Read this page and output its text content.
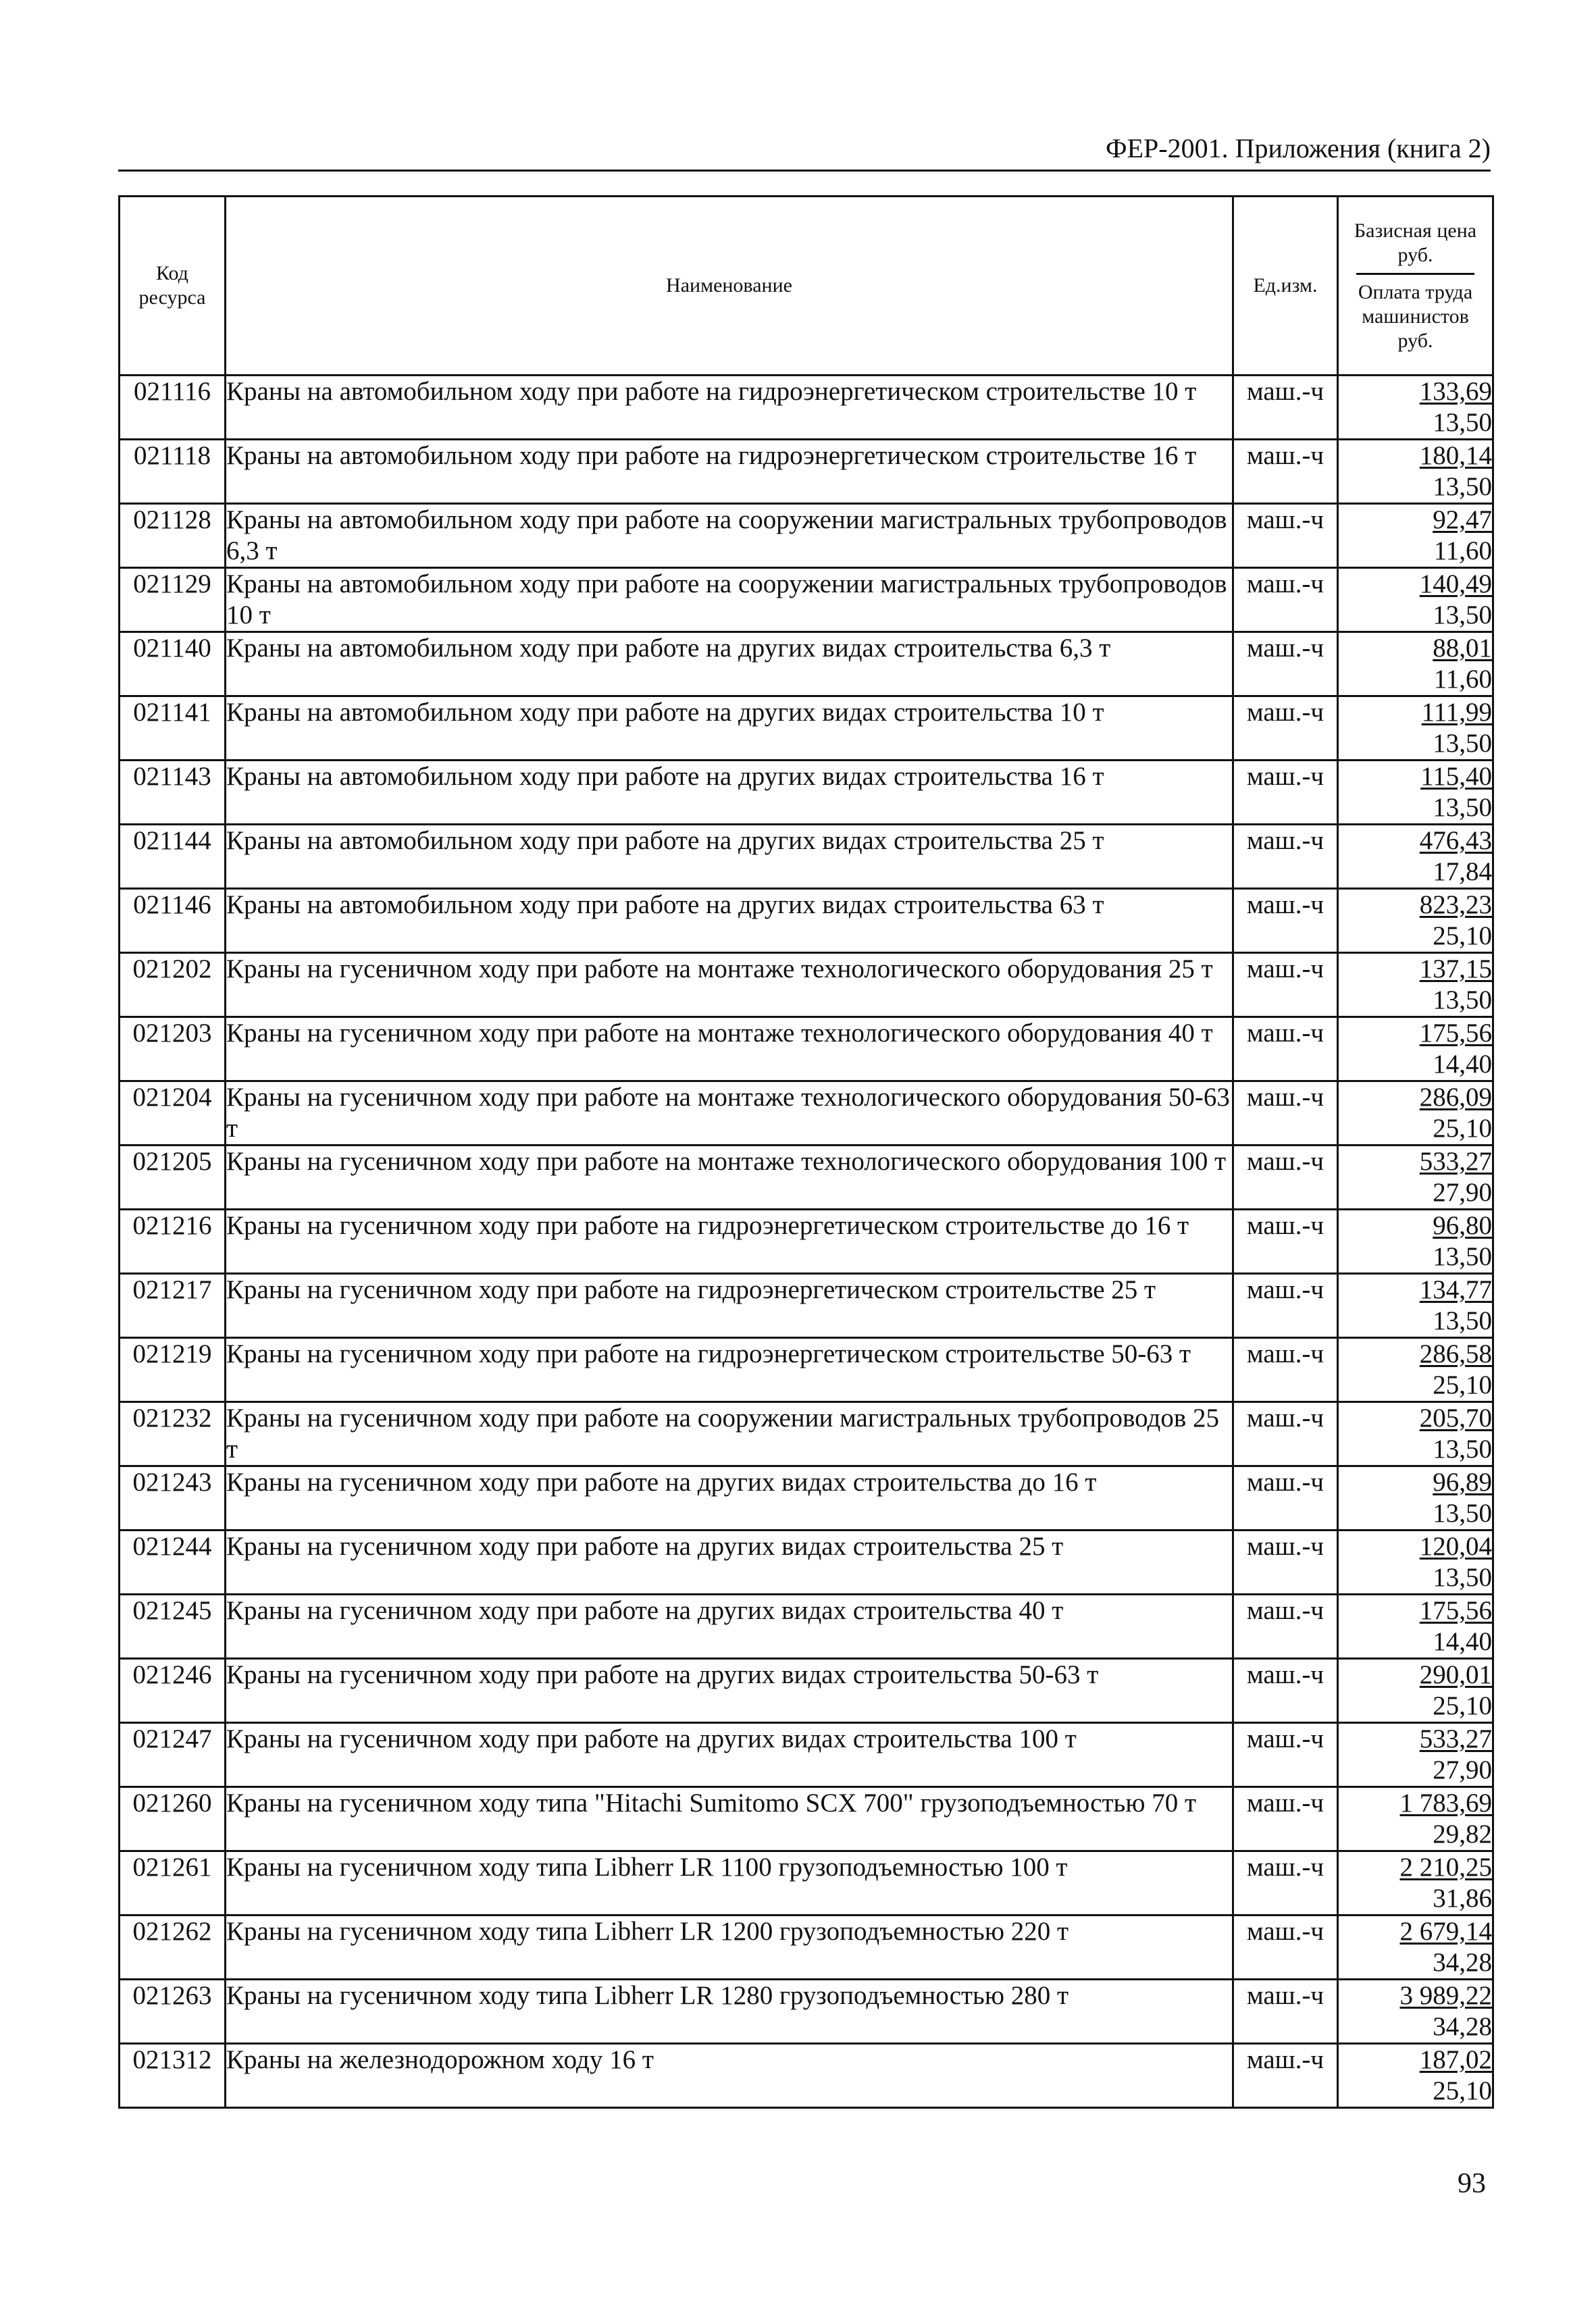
ФЕР-2001. Приложения (книга 2)
Код ресурса	Наименование	Ед.изм.	Базисная цена руб.
Оплата труда машинистов руб.

021116	Краны на автомобильном ходу при работе на гидроэнергетическом строительстве 10 т	маш.-ч	133,69
13,50

021118	Краны на автомобильном ходу при работе на гидроэнергетическом строительстве 16 т	маш.-ч	180,14
13,50

021128	Краны на автомобильном ходу при работе на сооружении магистральных трубопроводов 6,3 т	маш.-ч	92,47
11,60

021129	Краны на автомобильном ходу при работе на сооружении магистральных трубопроводов 10 т	маш.-ч	140,49
13,50

021140	Краны на автомобильном ходу при работе на других видах строительства 6,3 т	маш.-ч	88,01
11,60

021141	Краны на автомобильном ходу при работе на других видах строительства 10 т	маш.-ч	111,99
13,50

021143	Краны на автомобильном ходу при работе на других видах строительства 16 т	маш.-ч	115,40
13,50

021144	Краны на автомобильном ходу при работе на других видах строительства 25 т	маш.-ч	476,43
17,84

021146	Краны на автомобильном ходу при работе на других видах строительства 63 т	маш.-ч	823,23
25,10

021202	Краны на гусеничном ходу при работе на монтаже технологического оборудования 25 т	маш.-ч	137,15
13,50

021203	Краны на гусеничном ходу при работе на монтаже технологического оборудования 40 т	маш.-ч	175,56
14,40

021204	Краны на гусеничном ходу при работе на монтаже технологического оборудования 50-63 т	маш.-ч	286,09
25,10

021205	Краны на гусеничном ходу при работе на монтаже технологического оборудования 100 т	маш.-ч	533,27
27,90

021216	Краны на гусеничном ходу при работе на гидроэнергетическом строительстве до 16 т	маш.-ч	96,80
13,50

021217	Краны на гусеничном ходу при работе на гидроэнергетическом строительстве 25 т	маш.-ч	134,77
13,50

021219	Краны на гусеничном ходу при работе на гидроэнергетическом строительстве 50-63 т	маш.-ч	286,58
25,10

021232	Краны на гусеничном ходу при работе на сооружении магистральных трубопроводов 25 т	маш.-ч	205,70
13,50

021243	Краны на гусеничном ходу при работе на других видах строительства до 16 т	маш.-ч	96,89
13,50

021244	Краны на гусеничном ходу при работе на других видах строительства 25 т	маш.-ч	120,04
13,50

021245	Краны на гусеничном ходу при работе на других видах строительства 40 т	маш.-ч	175,56
14,40

021246	Краны на гусеничном ходу при работе на других видах строительства 50-63 т	маш.-ч	290,01
25,10

021247	Краны на гусеничном ходу при работе на других видах строительства 100 т	маш.-ч	533,27
27,90

021260	Краны на гусеничном ходу типа "Hitachi Sumitomo SCX 700" грузоподъемностью 70 т	маш.-ч	1 783,69
29,82

021261	Краны на гусеничном ходу типа Libherr LR 1100 грузоподъемностью 100 т	маш.-ч	2 210,25
31,86

021262	Краны на гусеничном ходу типа Libherr LR 1200 грузоподъемностью 220 т	маш.-ч	2 679,14
34,28

021263	Краны на гусеничном ходу типа Libherr LR 1280 грузоподъемностью 280 т	маш.-ч	3 989,22
34,28

021312	Краны на железнодорожном ходу 16 т	маш.-ч	187,02
25,10
93
